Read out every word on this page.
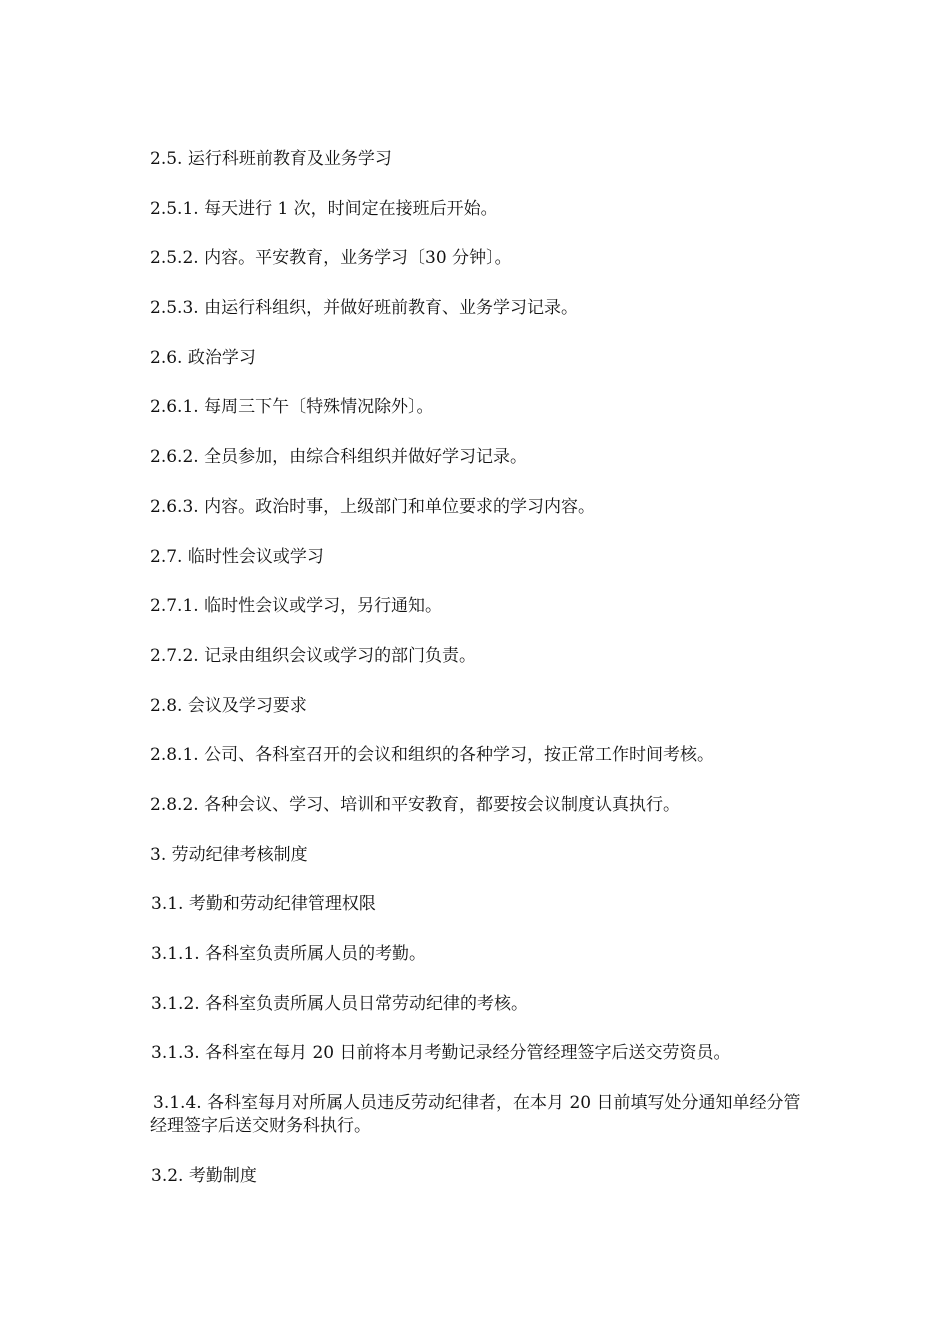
2.5. 运行科班前教育及业务学习

2.5.1. 每天进行 1 次，时间定在接班后开始。

2.5.2. 内容。平安教育，业务学习〔30 分钟〕。

2.5.3. 由运行科组织，并做好班前教育、业务学习记录。

2.6. 政治学习

2.6.1. 每周三下午〔特殊情况除外〕。

2.6.2. 全员参加，由综合科组织并做好学习记录。

2.6.3. 内容。政治时事，上级部门和单位要求的学习内容。

2.7. 临时性会议或学习

2.7.1. 临时性会议或学习，另行通知。

2.7.2. 记录由组织会议或学习的部门负责。

2.8. 会议及学习要求

2.8.1. 公司、各科室召开的会议和组织的各种学习，按正常工作时间考核。

2.8.2. 各种会议、学习、培训和平安教育，都要按会议制度认真执行。

3. 劳动纪律考核制度

3.1. 考勤和劳动纪律管理权限

3.1.1. 各科室负责所属人员的考勤。

3.1.2. 各科室负责所属人员日常劳动纪律的考核。

3.1.3. 各科室在每月 20 日前将本月考勤记录经分管经理签字后送交劳资员。

3.1.4. 各科室每月对所属人员违反劳动纪律者，在本月 20 日前填写处分通知单经分管经理签字后送交财务科执行。

3.2. 考勤制度
